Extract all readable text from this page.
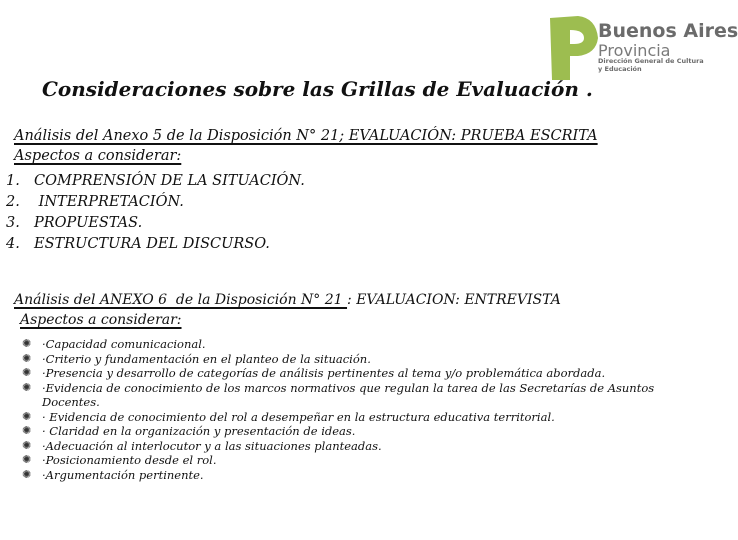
Buenos Aires
Provincia
Dirección General de Cultura y Educación
Consideraciones sobre las Grillas de Evaluación .
Análisis del Anexo 5 de la Disposición N° 21; EVALUACIÓN: PRUEBA ESCRITA
Aspectos a considerar:
1. COMPRENSIÓN DE LA SITUACIÓN.
2. INTERPRETACIÓN.
3. PROPUESTAS.
4. ESTRUCTURA DEL DISCURSO.
Análisis del ANEXO 6  de la Disposición N° 21 : EVALUACION: ENTREVISTA
Aspectos a considerar:
✺ ·Capacidad comunicacional.
✺ ·Criterio y fundamentación en el planteo de la situación.
✺ ·Presencia y desarrollo de categorías de análisis pertinentes al tema y/o problemática abordada.
✺ ·Evidencia de conocimiento de los marcos normativos que regulan la tarea de las Secretarías de Asuntos Docentes.
✺ · Evidencia de conocimiento del rol a desempeñar en la estructura educativa territorial.
✺ · Claridad en la organización y presentación de ideas.
✺ ·Adecuación al interlocutor y a las situaciones planteadas.
✺ ·Posicionamiento desde el rol.
✺ ·Argumentación pertinente.
